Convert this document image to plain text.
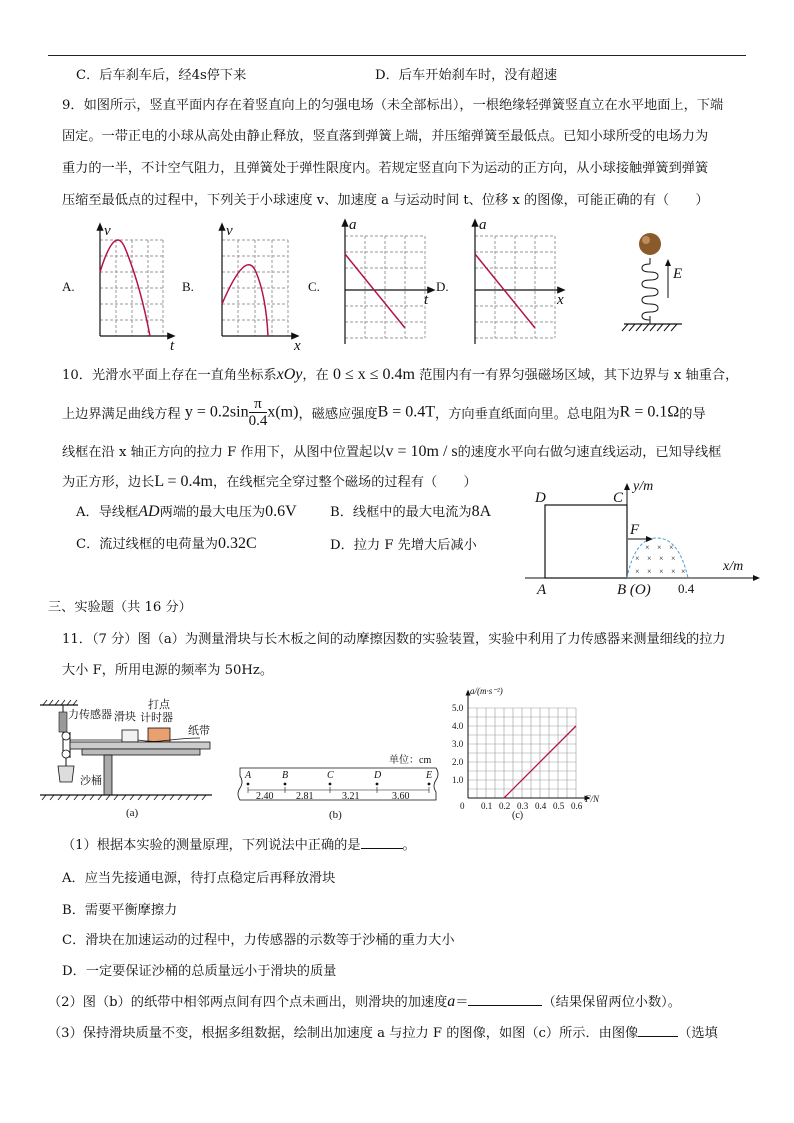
C．后车刹车后，经4s停下来	D．后车开始刹车时，没有超速
9．如图所示，竖直平面内存在着竖直向上的匀强电场（未全部标出），一根绝缘轻弹簧竖直立在水平地面上，下端
固定。一带正电的小球从高处由静止释放，竖直落到弹簧上端，并压缩弹簧至最低点。已知小球所受的电场力为
重力的一半，不计空气阻力，且弹簧处于弹性限度内。若规定竖直向下为运动的正方向，从小球接触弹簧到弹簧
压缩至最低点的过程中，下列关于小球速度 v、加速度 a 与运动时间 t、位移 x 的图像，可能正确的有（　　）
A.
v
t
B.
v
x
C.
a
t
D.
a
x
E
10．光滑水平面上存在一直角坐标系xOy，在 0 ≤ x ≤ 0.4m 范围内有一有界匀强磁场区域，其下边界与 x 轴重合，
上边界满足曲线方程 $y = 0.2\sin \frac{\pi}{0.4} x(m)$，磁感应强度B = 0.4T，方向垂直纸面向里。总电阻为R = 0.1Ω的导
线框在沿 x 轴正方向的拉力 F 作用下，从图中位置起以v = 10m / s的速度水平向右做匀速直线运动，已知导线框
为正方形，边长L = 0.4m，在线框完全穿过整个磁场的过程有（　　）
A．导线框AD两端的最大电压为0.6V	B．线框中的最大电流为8A
C．流过线框的电荷量为0.32C	D．拉力 F 先增大后减小	× × ×
× × × ×
× × × × ×
F
D	C
A	B (O)
y/m
x/m
0.4
三、实验题（共 16 分）
11．（7 分）图（a）为测量滑块与长木板之间的动摩擦因数的实验装置，实验中利用了力传感器来测量细线的拉力
大小 F，所用电源的频率为 50Hz。
沙桶
力传感器 滑块
打点
计时器
纸带
(a)
单位：cm
A	B	C	D	E
2.40 2.81	3.21	3.60
(b)
a/(m·s⁻²)
F/N
(c)
0 0.1 0.2 0.3 0.4 0.5 0.6
1.0
2.0
3.0
4.0
5.0
（1）根据本实验的测量原理，下列说法中正确的是	。
A．应当先接通电源，待打点稳定后再释放滑块
B．需要平衡摩擦力
C．滑块在加速运动的过程中，力传感器的示数等于沙桶的重力大小
D．一定要保证沙桶的总质量远小于滑块的质量
（2）图（b）的纸带中相邻两点间有四个点未画出，则滑块的加速度a＝	（结果保留两位小数）。
（3）保持滑块质量不变，根据多组数据，绘制出加速度 a 与拉力 F 的图像，如图（c）所示．由图像	（选填
